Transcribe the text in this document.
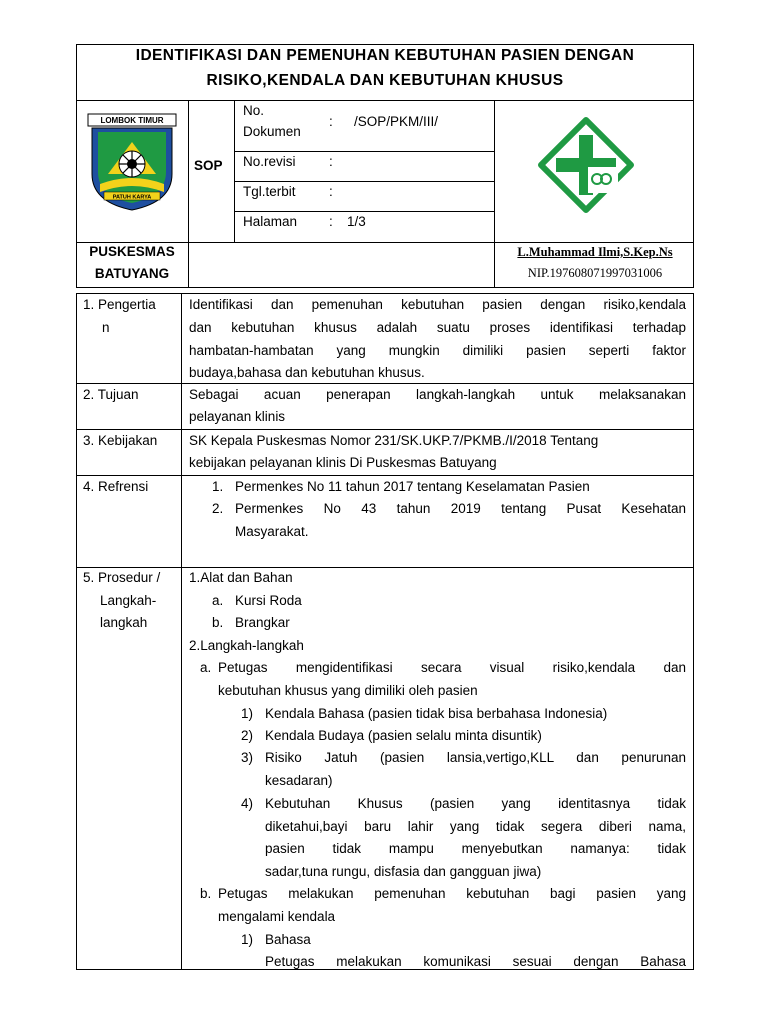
IDENTIFIKASI DAN PEMENUHAN KEBUTUHAN PASIEN DENGAN
RISIKO,KENDALA DAN KEBUTUHAN KHUSUS
LOMBOK TIMUR
PATUH KARYA
SOP
No.
Dokumen
: /SOP/PKM/III/
No.revisi :
Tgl.terbit :
Halaman : 1/3
PUSKESMAS
BATUYANG
L.Muhammad Ilmi,S.Kep.Ns
NIP.197608071997031006
1. Pengertia
n
Identifikasi dan pemenuhan kebutuhan pasien dengan risiko,kendala
dan kebutuhan khusus adalah suatu proses identifikasi terhadap
hambatan-hambatan yang mungkin dimiliki pasien seperti faktor
budaya,bahasa dan kebutuhan khusus.
2. Tujuan	Sebagai acuan penerapan langkah-langkah untuk melaksanakan
pelayanan klinis
3. Kebijakan SK Kepala Puskesmas Nomor 231/SK.UKP.7/PKMB./I/2018 Tentang
kebijakan pelayanan klinis Di Puskesmas Batuyang
4. Refrensi	1. Permenkes No 11 tahun 2017 tentang Keselamatan Pasien
2. Permenkes No 43 tahun 2019 tentang Pusat Kesehatan
Masyarakat.
5. Prosedur /
Langkah-
langkah
1.Alat dan Bahan
a. Kursi Roda
b. Brangkar
2.Langkah-langkah
a. Petugas mengidentifikasi secara visual risiko,kendala dan
kebutuhan khusus yang dimiliki oleh pasien
1) Kendala Bahasa (pasien tidak bisa berbahasa Indonesia)
2) Kendala Budaya (pasien selalu minta disuntik)
3) Risiko Jatuh (pasien lansia,vertigo,KLL dan penurunan
kesadaran)
4) Kebutuhan Khusus (pasien yang identitasnya tidak
diketahui,bayi baru lahir yang tidak segera diberi nama,
pasien tidak mampu menyebutkan namanya: tidak
sadar,tuna rungu, disfasia dan gangguan jiwa)
b. Petugas melakukan pemenuhan kebutuhan bagi pasien yang
mengalami kendala
1) Bahasa
Petugas melakukan komunikasi sesuai dengan Bahasa
